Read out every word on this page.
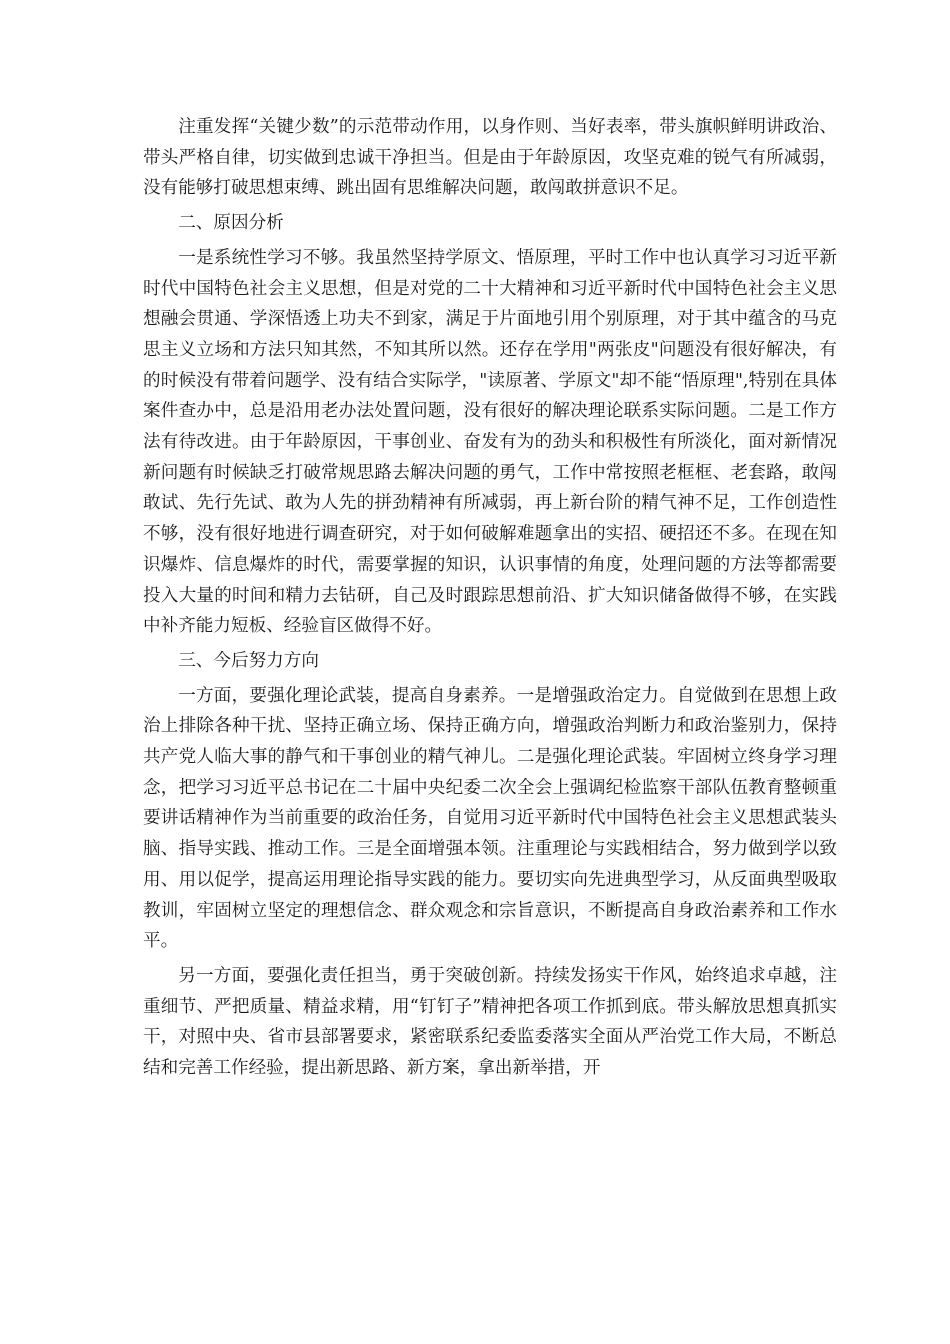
注重发挥“关键少数”的示范带动作用，以身作则、当好表率，带头旗帜鲜明讲政治、带头严格自律，切实做到忠诚干净担当。但是由于年龄原因，攻坚克难的锐气有所减弱，没有能够打破思想束缚、跳出固有思维解决问题，敢闯敢拼意识不足。

二、原因分析

一是系统性学习不够。我虽然坚持学原文、悟原理，平时工作中也认真学习习近平新时代中国特色社会主义思想，但是对党的二十大精神和习近平新时代中国特色社会主义思想融会贯通、学深悟透上功夫不到家，满足于片面地引用个别原理，对于其中蕴含的马克思主义立场和方法只知其然，不知其所以然。还存在学用"两张皮"问题没有很好解决，有的时候没有带着问题学、没有结合实际学，"读原著、学原文"却不能“悟原理",特别在具体案件查办中，总是沿用老办法处置问题，没有很好的解决理论联系实际问题。二是工作方法有待改进。由于年龄原因，干事创业、奋发有为的劲头和积极性有所淡化，面对新情况新问题有时候缺乏打破常规思路去解决问题的勇气，工作中常按照老框框、老套路，敢闯敢试、先行先试、敢为人先的拼劲精神有所减弱，再上新台阶的精气神不足，工作创造性不够，没有很好地进行调查研究，对于如何破解难题拿出的实招、硬招还不多。在现在知识爆炸、信息爆炸的时代，需要掌握的知识，认识事情的角度，处理问题的方法等都需要投入大量的时间和精力去钻研，自己及时跟踪思想前沿、扩大知识储备做得不够，在实践中补齐能力短板、经验盲区做得不好。

三、今后努力方向

一方面，要强化理论武装，提高自身素养。一是增强政治定力。自觉做到在思想上政治上排除各种干扰、坚持正确立场、保持正确方向，增强政治判断力和政治鉴别力，保持共产党人临大事的静气和干事创业的精气神儿。二是强化理论武装。牢固树立终身学习理念，把学习习近平总书记在二十届中央纪委二次全会上强调纪检监察干部队伍教育整顿重要讲话精神作为当前重要的政治任务，自觉用习近平新时代中国特色社会主义思想武装头脑、指导实践、推动工作。三是全面增强本领。注重理论与实践相结合，努力做到学以致用、用以促学，提高运用理论指导实践的能力。要切实向先进典型学习，从反面典型吸取教训，牢固树立坚定的理想信念、群众观念和宗旨意识，不断提高自身政治素养和工作水平。

另一方面，要强化责任担当，勇于突破创新。持续发扬实干作风，始终追求卓越，注重细节、严把质量、精益求精，用“钉钉子”精神把各项工作抓到底。带头解放思想真抓实干，对照中央、省市县部署要求，紧密联系纪委监委落实全面从严治党工作大局，不断总结和完善工作经验，提出新思路、新方案，拿出新举措，开
